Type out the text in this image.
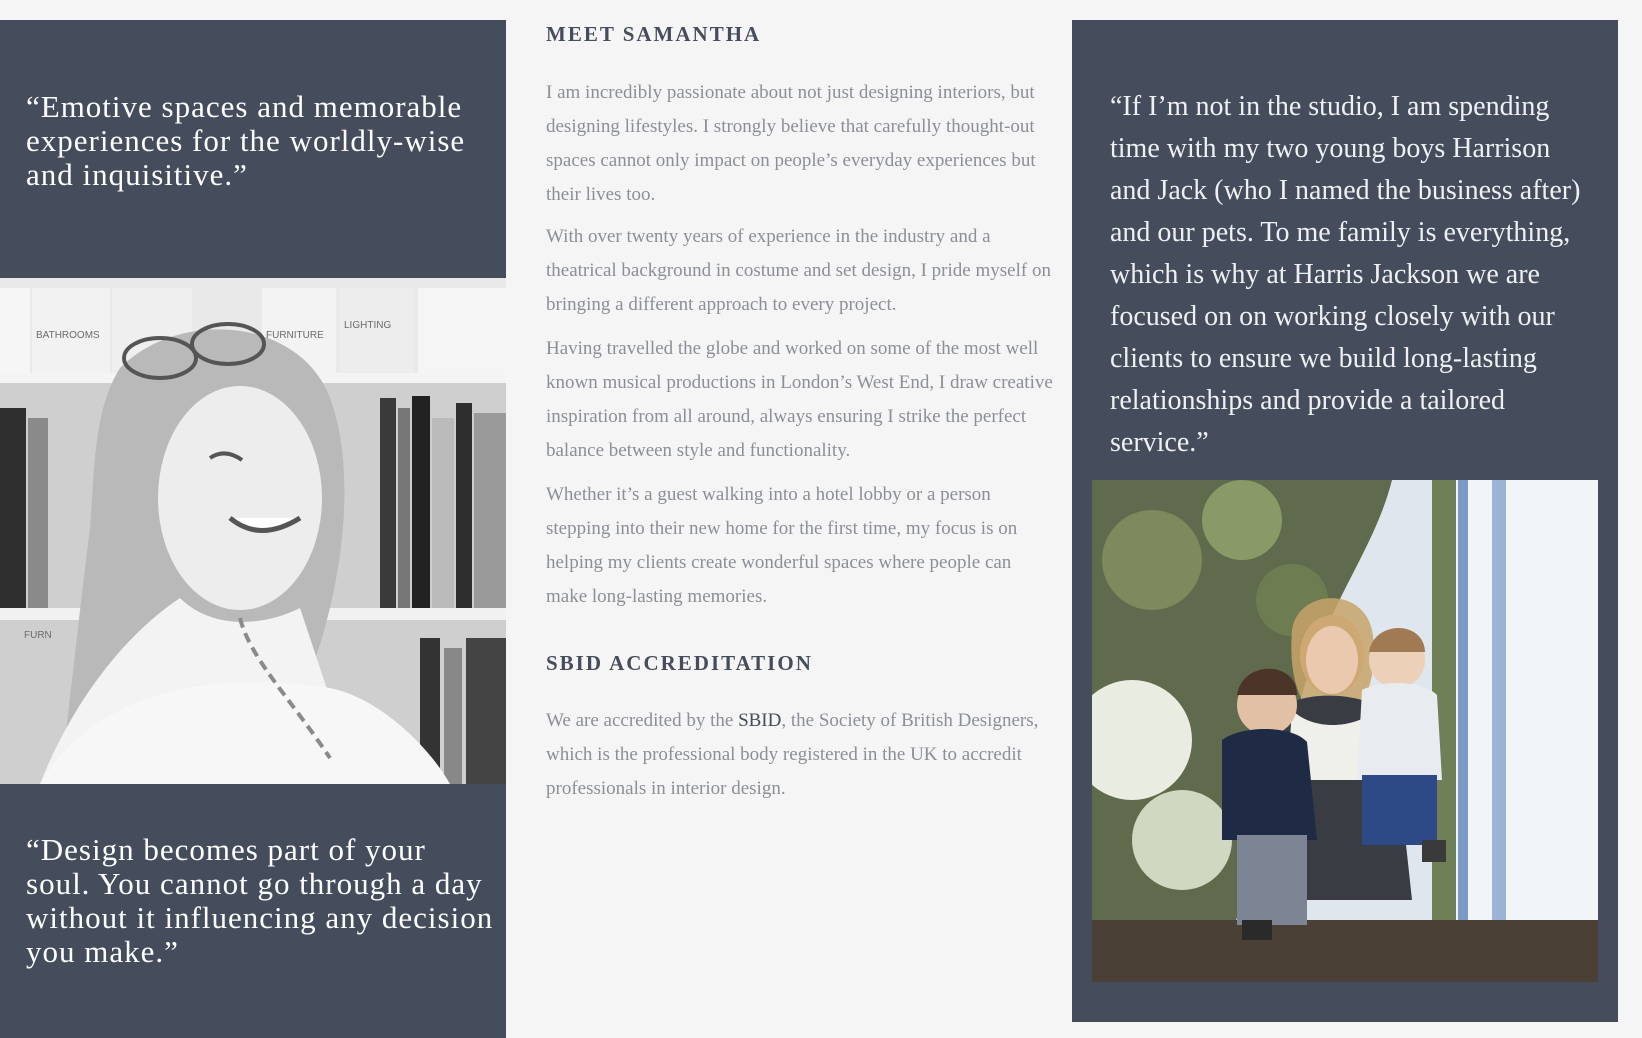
“Emotive spaces and memorable experiences for the worldly-wise and inquisitive.”

BATHROOMS	FURNITURE
LIGHTING
FURN

“Design becomes part of your soul. You cannot go through a day without it influencing any decision you make.”

MEET SAMANTHA

I am incredibly passionate about not just designing interiors, but designing lifestyles. I strongly believe that carefully thought-out spaces cannot only impact on people’s everyday experiences but their lives too.

With over twenty years of experience in the industry and a theatrical background in costume and set design, I pride myself on bringing a different approach to every project.

Having travelled the globe and worked on some of the most well known musical productions in London’s West End, I draw creative inspiration from all around, always ensuring I strike the perfect balance between style and functionality.

Whether it’s a guest walking into a hotel lobby or a person stepping into their new home for the first time, my focus is on helping my clients create wonderful spaces where people can make long-lasting memories.

SBID ACCREDITATION

We are accredited by the SBID, the Society of British Designers, which is the professional body registered in the UK to accredit professionals in interior design.

“If I’m not in the studio, I am spending time with my two young boys Harrison and Jack (who I named the business after) and our pets. To me family is everything, which is why at Harris Jackson we are focused on on working closely with our clients to ensure we build long-lasting relationships and provide a tailored service.”
